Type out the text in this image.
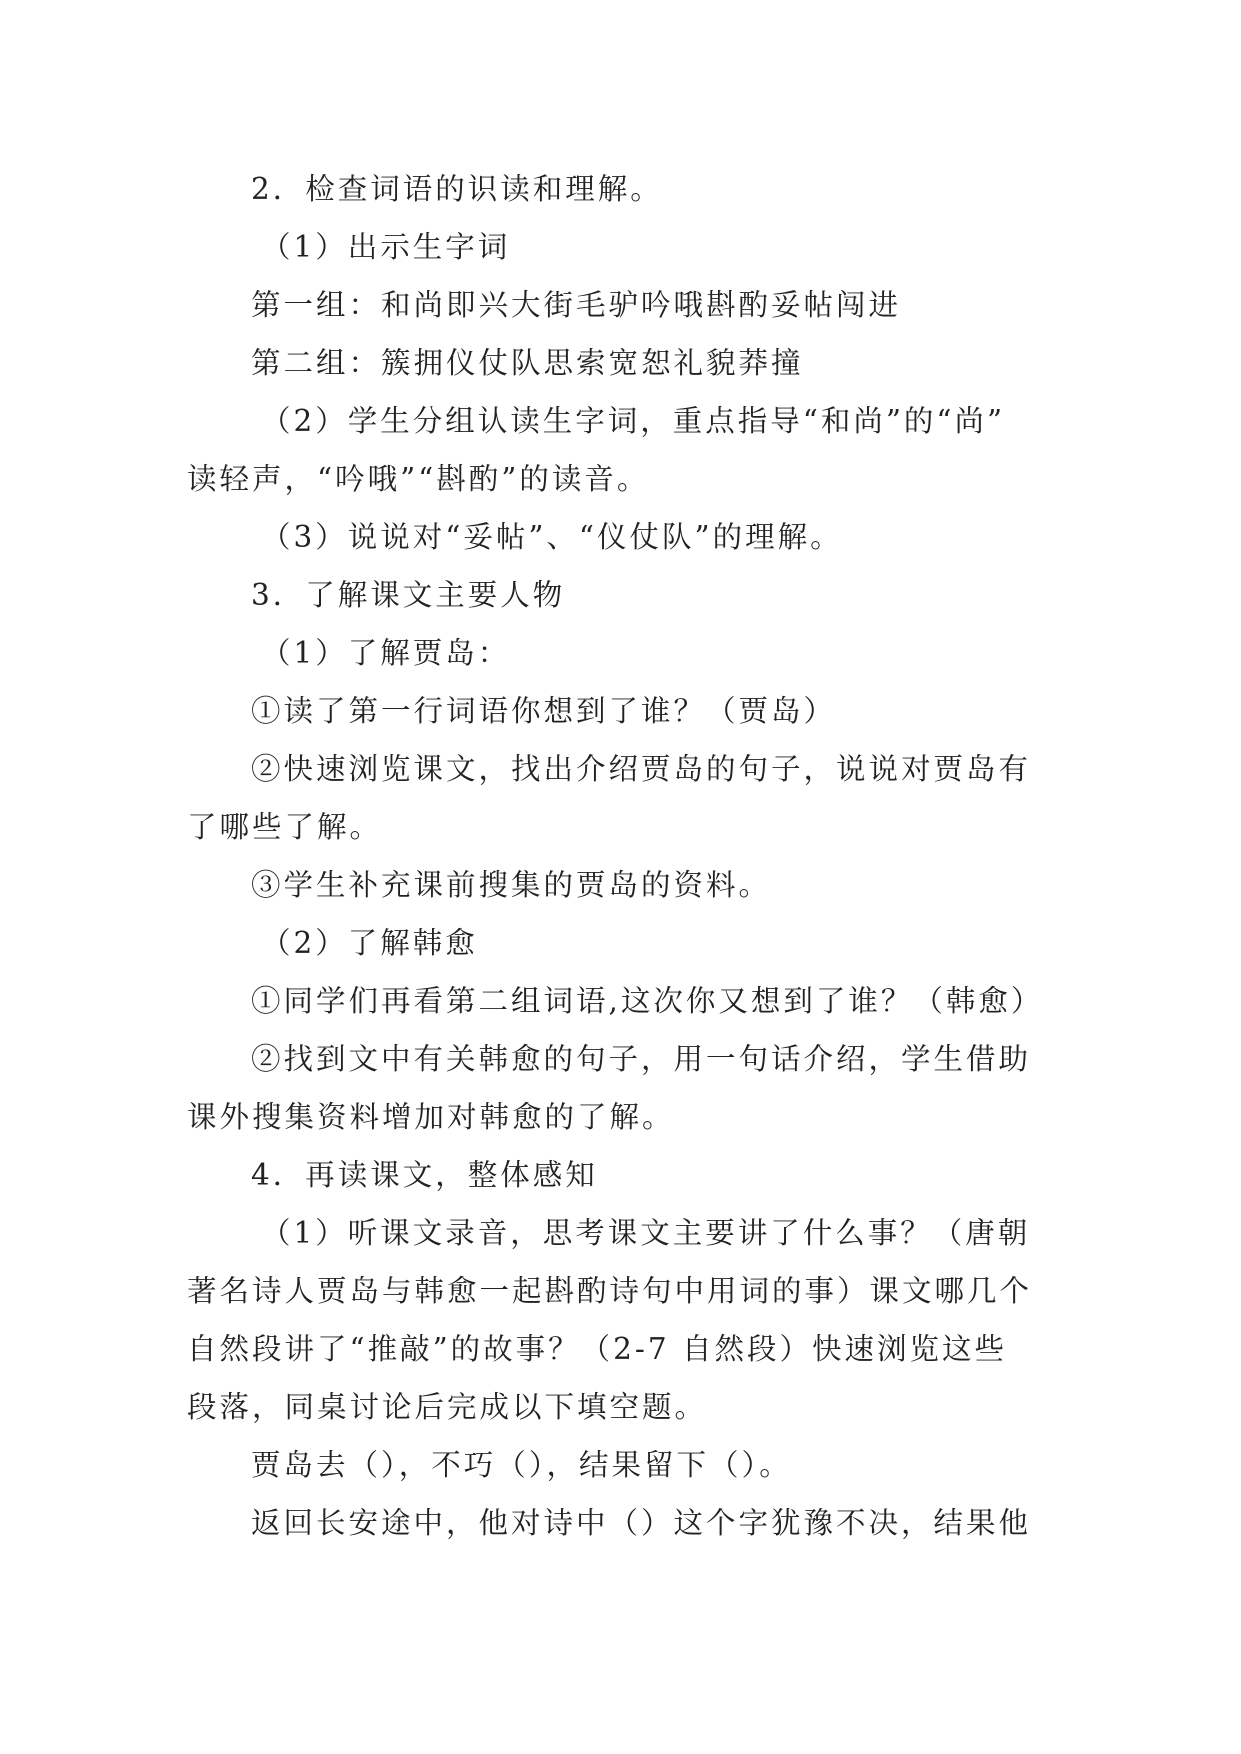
2．检查词语的识读和理解。
（1）出示生字词
第一组：和尚即兴大街毛驴吟哦斟酌妥帖闯进
第二组：簇拥仪仗队思索宽恕礼貌莽撞
（2）学生分组认读生字词，重点指导“和尚”的“尚”
读轻声，“吟哦”“斟酌”的读音。
（3）说说对“妥帖”、“仪仗队”的理解。
3．了解课文主要人物
（1）了解贾岛：
①读了第一行词语你想到了谁？（贾岛）
②快速浏览课文，找出介绍贾岛的句子，说说对贾岛有
了哪些了解。
③学生补充课前搜集的贾岛的资料。
（2）了解韩愈
①同学们再看第二组词语,这次你又想到了谁？（韩愈）
②找到文中有关韩愈的句子，用一句话介绍，学生借助
课外搜集资料增加对韩愈的了解。
4．再读课文，整体感知
（1）听课文录音，思考课文主要讲了什么事？（唐朝
著名诗人贾岛与韩愈一起斟酌诗句中用词的事）课文哪几个
自然段讲了“推敲”的故事？（2-7 自然段）快速浏览这些
段落，同桌讨论后完成以下填空题。
贾岛去（），不巧（），结果留下（）。
返回长安途中，他对诗中（）这个字犹豫不决，结果他
